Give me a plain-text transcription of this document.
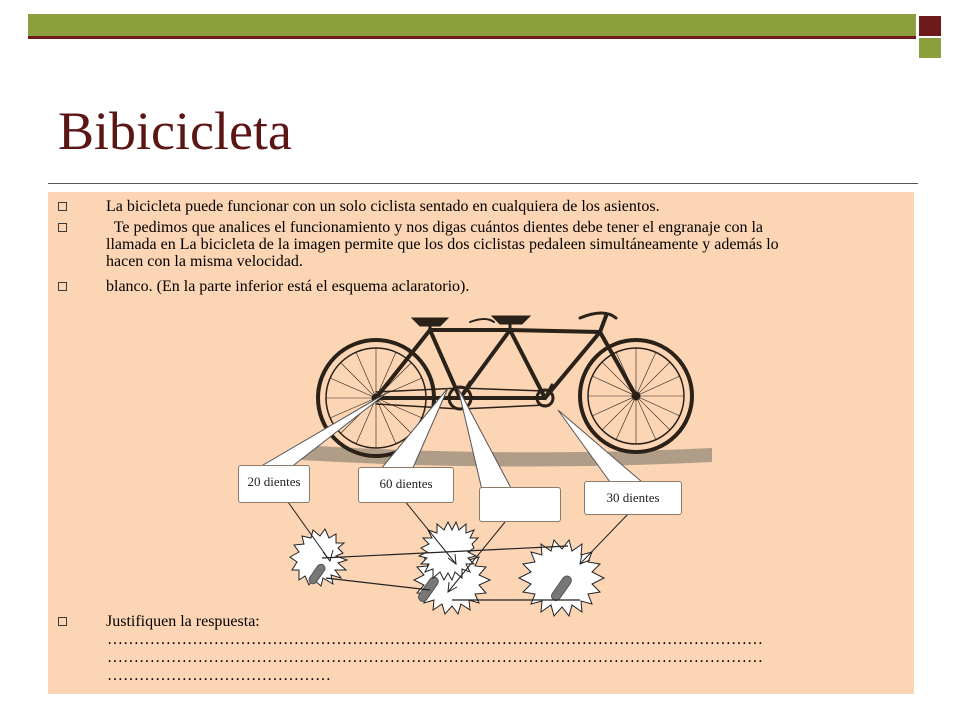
Bibicicleta
La bicicleta puede funcionar con un solo ciclista sentado en cualquiera de los asientos.
Te pedimos que analices el funcionamiento y nos digas cuántos dientes debe tener el engranaje con la
llamada en La bicicleta de la imagen permite que los dos ciclistas pedaleen simultáneamente y además lo
hacen con la misma velocidad.
blanco. (En la parte inferior está el esquema aclaratorio).
20 dientes	60 dientes
30 dientes
Justifiquen la respuesta:
……………………………………………………………………………………………………………
……………………………………………………………………………………………………………
……………………………………
